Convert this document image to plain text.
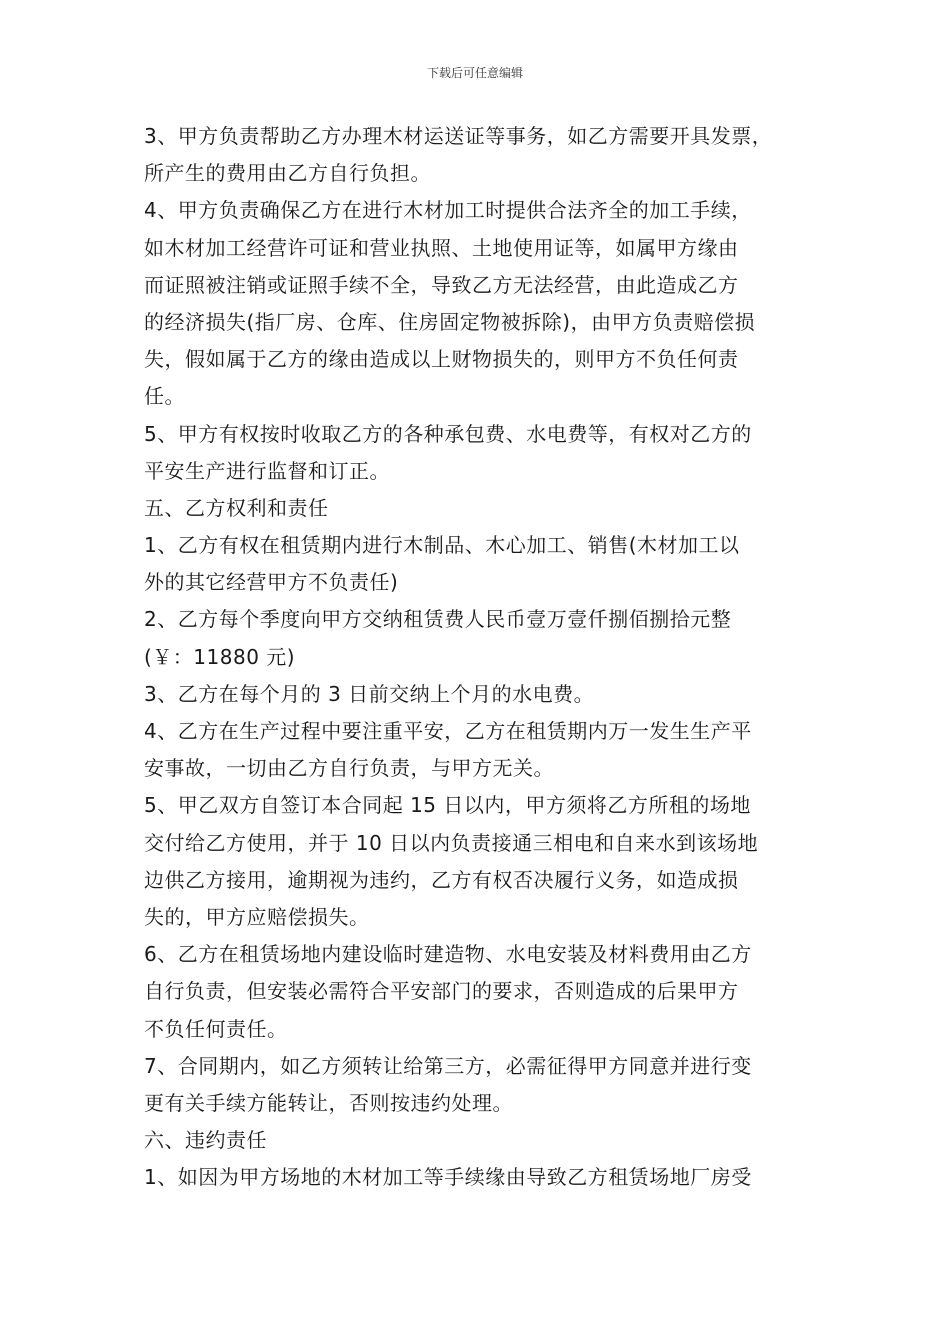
下载后可任意编辑
3、甲方负责帮助乙方办理木材运送证等事务，如乙方需要开具发票，
所产生的费用由乙方自行负担。
4、甲方负责确保乙方在进行木材加工时提供合法齐全的加工手续，
如木材加工经营许可证和营业执照、土地使用证等，如属甲方缘由
而证照被注销或证照手续不全，导致乙方无法经营，由此造成乙方
的经济损失(指厂房、仓库、住房固定物被拆除)，由甲方负责赔偿损
失，假如属于乙方的缘由造成以上财物损失的，则甲方不负任何责
任。
5、甲方有权按时收取乙方的各种承包费、水电费等，有权对乙方的
平安生产进行监督和订正。
五、乙方权利和责任
1、乙方有权在租赁期内进行木制品、木心加工、销售(木材加工以
外的其它经营甲方不负责任)
2、乙方每个季度向甲方交纳租赁费人民币壹万壹仟捌佰捌拾元整
(￥：11880 元)
3、乙方在每个月的 3 日前交纳上个月的水电费。
4、乙方在生产过程中要注重平安，乙方在租赁期内万一发生生产平
安事故，一切由乙方自行负责，与甲方无关。
5、甲乙双方自签订本合同起 15 日以内，甲方须将乙方所租的场地
交付给乙方使用，并于 10 日以内负责接通三相电和自来水到该场地
边供乙方接用，逾期视为违约，乙方有权否决履行义务，如造成损
失的，甲方应赔偿损失。
6、乙方在租赁场地内建设临时建造物、水电安装及材料费用由乙方
自行负责，但安装必需符合平安部门的要求，否则造成的后果甲方
不负任何责任。
7、合同期内，如乙方须转让给第三方，必需征得甲方同意并进行变
更有关手续方能转让，否则按违约处理。
六、违约责任
1、如因为甲方场地的木材加工等手续缘由导致乙方租赁场地厂房受
